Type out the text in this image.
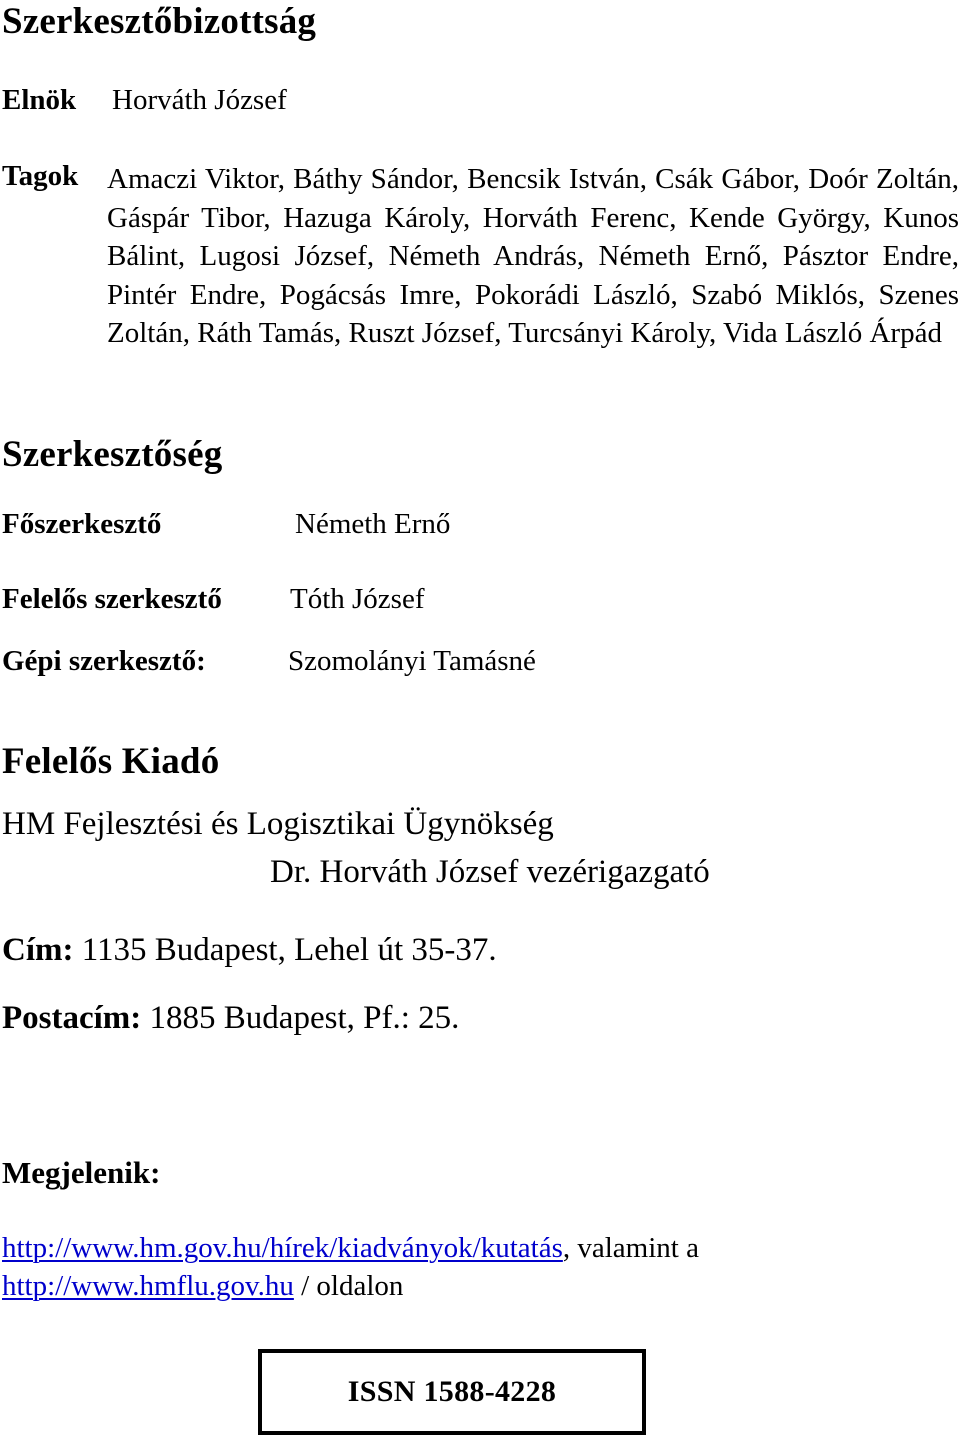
Szerkesztőbizottság
Elnök Horváth József
Tagok Amaczi Viktor, Báthy Sándor, Bencsik István, Csák Gábor, Doór Zoltán, Gáspár Tibor, Hazuga Károly, Horváth Ferenc, Kende György, Kunos Bálint, Lugosi József, Németh András, Németh Ernő, Pásztor Endre, Pintér Endre, Pogácsás Imre, Pokorádi László, Szabó Miklós, Szenes Zoltán, Ráth Tamás, Ruszt József, Turcsányi Károly, Vida László Árpád
Szerkesztőség
Főszerkesztő	Németh Ernő
Felelős szerkesztő Tóth József
Gépi szerkesztő:	Szomolányi Tamásné
Felelős Kiadó
HM Fejlesztési és Logisztikai Ügynökség
Dr. Horváth József vezérigazgató
Cím: 1135 Budapest, Lehel út 35-37.
Postacím: 1885 Budapest, Pf.: 25.
Megjelenik:
http://www.hm.gov.hu/hírek/kiadványok/kutatás, valamint a
http://www.hmflu.gov.hu / oldalon
ISSN 1588-4228
